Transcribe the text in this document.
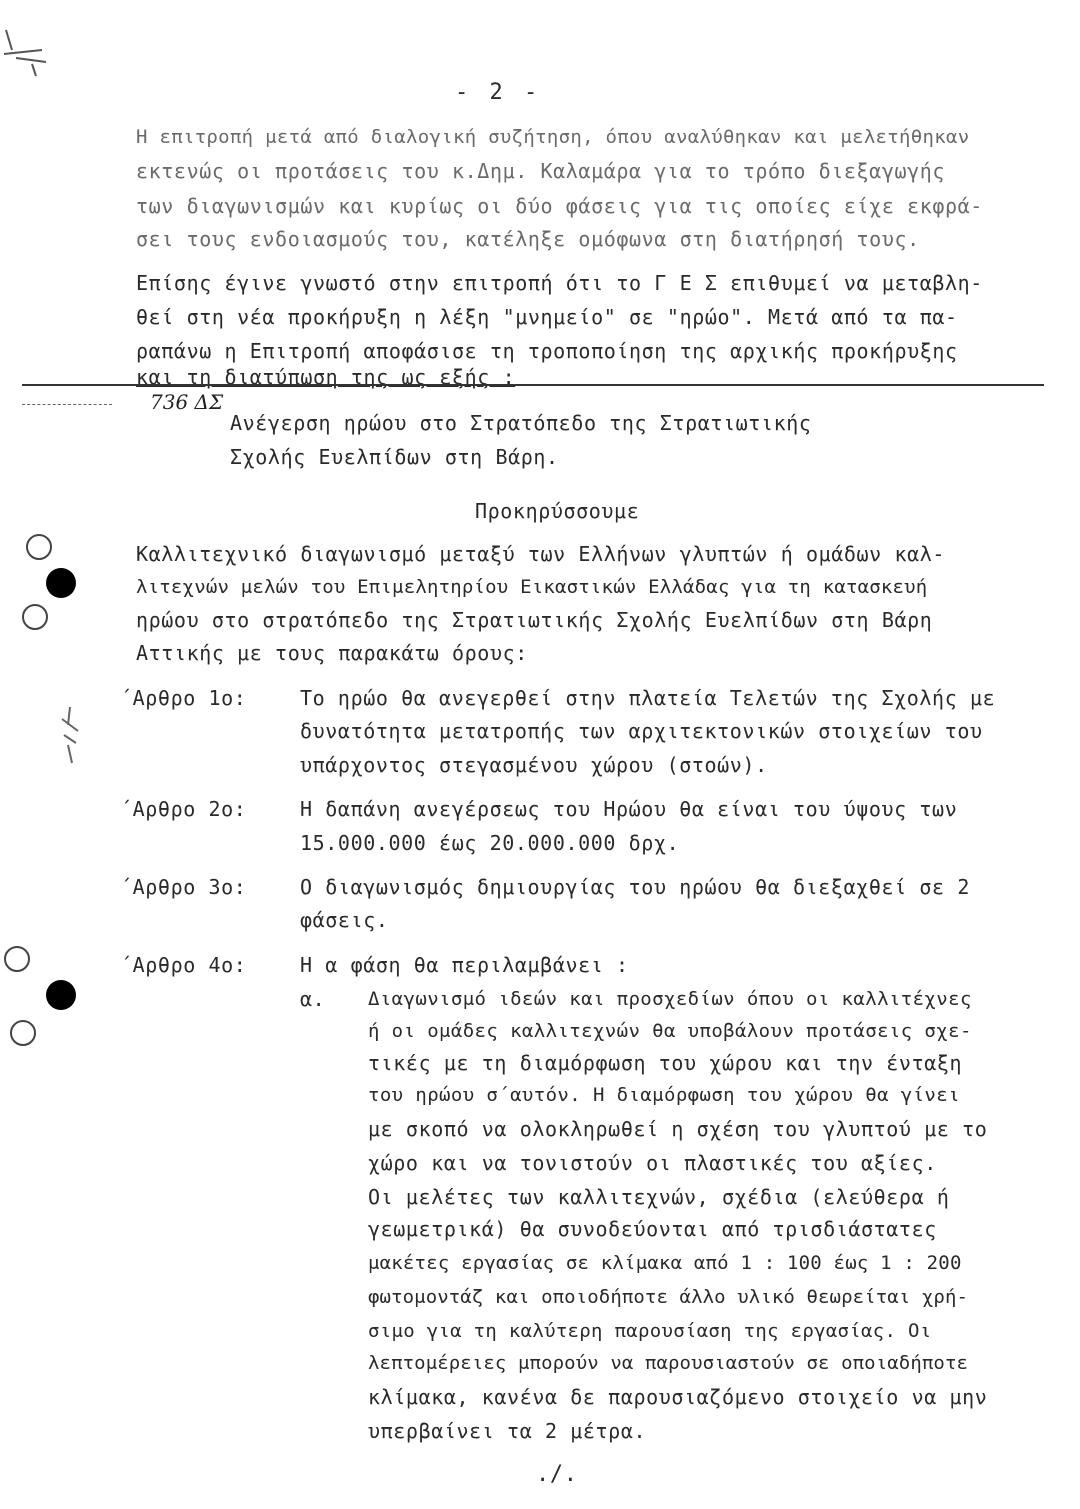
- 2 -
Η επιτροπή μετά από διαλογική συζήτηση, όπου αναλύθηκαν και μελετήθηκαν
εκτενώς οι προτάσεις του κ.Δημ. Καλαμάρα για το τρόπο διεξαγωγής
των διαγωνισμών και κυρίως οι δύο φάσεις για τις οποίες είχε εκφρά-
σει τους ενδοιασμούς του, κατέληξε ομόφωνα στη διατήρησή τους.
Επίσης έγινε γνωστό στην επιτροπή ότι το Γ Ε Σ επιθυμεί να μεταβλη-
θεί στη νέα προκήρυξη η λέξη "μνημείο" σε "ηρώο". Μετά από τα πα-
ραπάνω η Επιτροπή αποφάσισε τη τροποποίηση της αρχικής προκήρυξης
και τη διατύπωση της ως εξής :
736 ΔΣ
Ανέγερση ηρώου στο Στρατόπεδο της Στρατιωτικής
Σχολής Ευελπίδων στη Βάρη.
Προκηρύσσουμε
Καλλιτεχνικό διαγωνισμό μεταξύ των Ελλήνων γλυπτών ή ομάδων καλ-
λιτεχνών μελών του Επιμελητηρίου Εικαστικών Ελλάδας για τη κατασκευή
ηρώου στο στρατόπεδο της Στρατιωτικής Σχολής Ευελπίδων στη Βάρη
Αττικής με τους παρακάτω όρους:
΄Αρθρο 1ο:	Το ηρώο θα ανεγερθεί στην πλατεία Τελετών της Σχολής με
δυνατότητα μετατροπής των αρχιτεκτονικών στοιχείων του
υπάρχοντος στεγασμένου χώρου (στοών).
΄Αρθρο 2ο:	Η δαπάνη ανεγέρσεως του Ηρώου θα είναι του ύψους των
15.000.000 έως 20.000.000 δρχ.
΄Αρθρο 3ο:	Ο διαγωνισμός δημιουργίας του ηρώου θα διεξαχθεί σε 2
φάσεις.
΄Αρθρο 4ο:	Η α φάση θα περιλαμβάνει :
α. Διαγωνισμό ιδεών και προσχεδίων όπου οι καλλιτέχνες
ή οι ομάδες καλλιτεχνών θα υποβάλουν προτάσεις σχε-
τικές με τη διαμόρφωση του χώρου και την ένταξη
του ηρώου σ΄αυτόν. Η διαμόρφωση του χώρου θα γίνει
με σκοπό να ολοκληρωθεί η σχέση του γλυπτού με το
χώρο και να τονιστούν οι πλαστικές του αξίες.
Οι μελέτες των καλλιτεχνών, σχέδια (ελεύθερα ή
γεωμετρικά) θα συνοδεύονται από τρισδιάστατες
μακέτες εργασίας σε κλίμακα από 1 : 100 έως 1 : 200
φωτομοντάζ και οποιοδήποτε άλλο υλικό θεωρείται χρή-
σιμο για τη καλύτερη παρουσίαση της εργασίας. Οι
λεπτομέρειες μπορούν να παρουσιαστούν σε οποιαδήποτε
κλίμακα, κανένα δε παρουσιαζόμενο στοιχείο να μην
υπερβαίνει τα 2 μέτρα.
./.
